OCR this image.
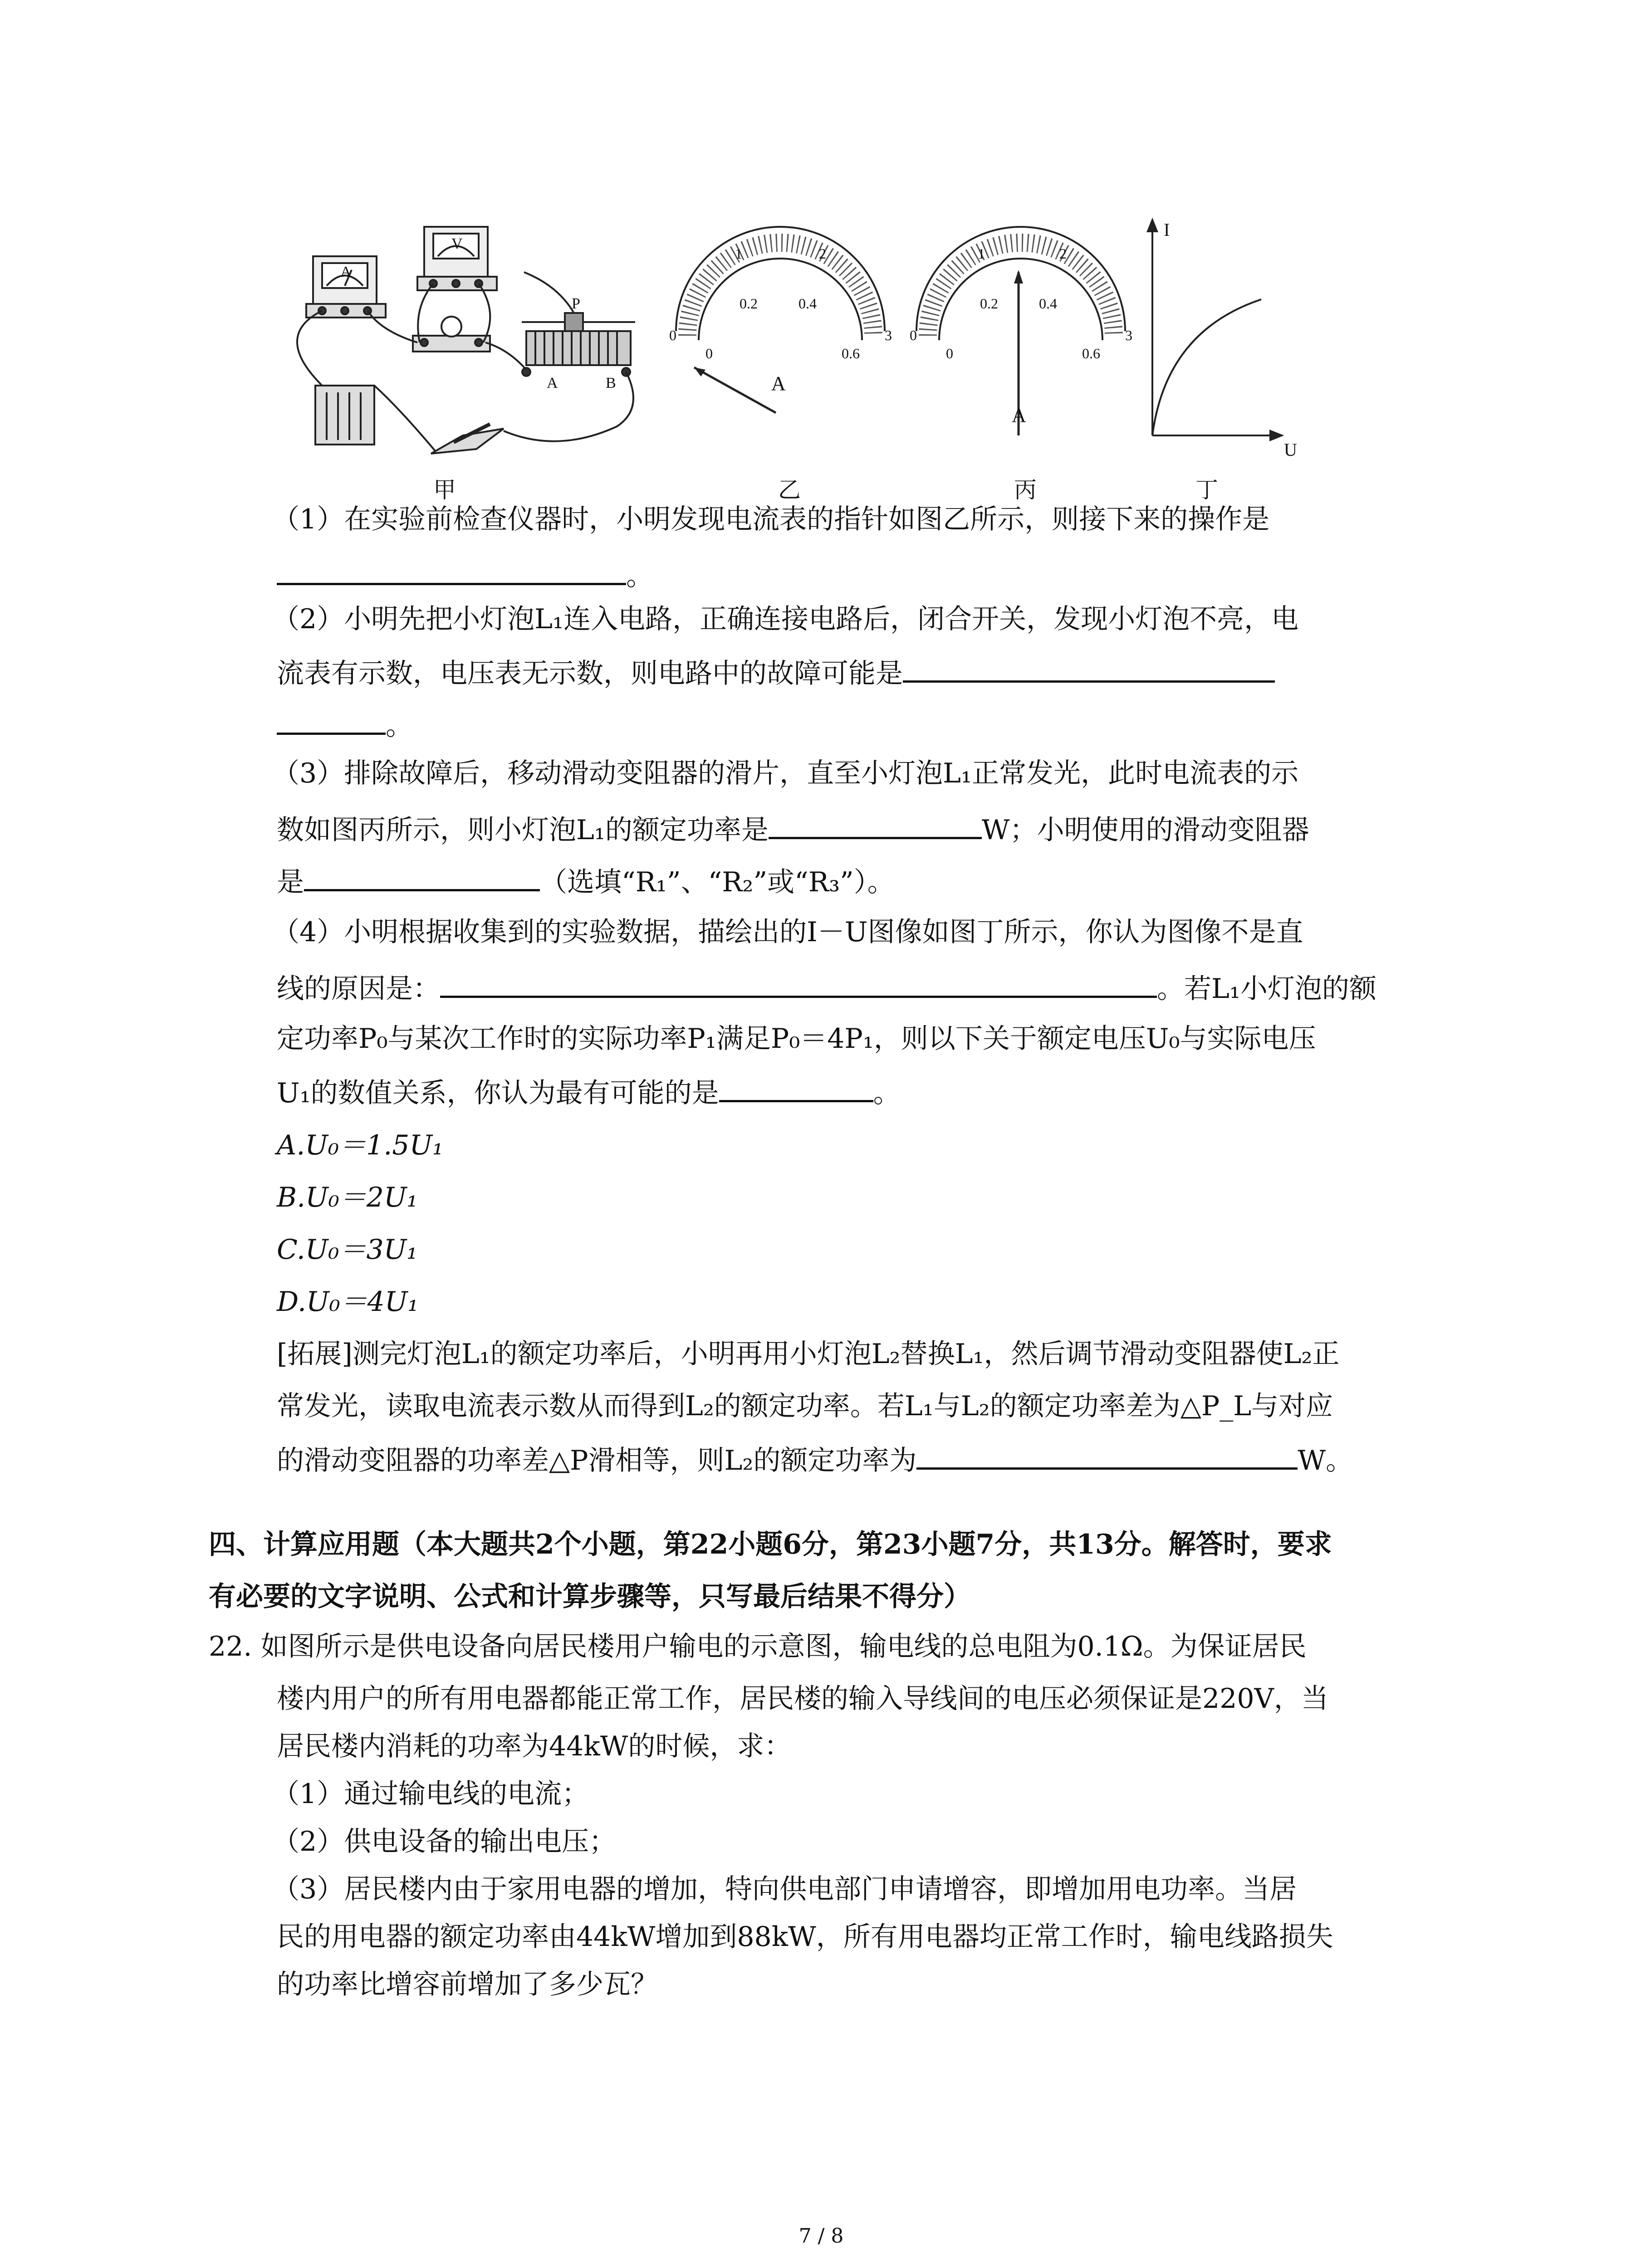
A
V
P
A	B
0
1	2
3
0
0.2	0.4
0.6
A
0
1	2
3
0
0.2	0.4
0.6
A
I
U
甲	乙	丙	丁
（1）在实验前检查仪器时，小明发现电流表的指针如图乙所示，则接下来的操作是
。
（2）小明先把小灯泡L₁连入电路，正确连接电路后，闭合开关，发现小灯泡不亮，电
流表有示数，电压表无示数，则电路中的故障可能是
。
（3）排除故障后，移动滑动变阻器的滑片，直至小灯泡L₁正常发光，此时电流表的示
数如图丙所示，则小灯泡L₁的额定功率是	W；小明使用的滑动变阻器
是	（选填“R₁”、“R₂”或“R₃”）。
（4）小明根据收集到的实验数据，描绘出的I－U图像如图丁所示，你认为图像不是直
线的原因是：	。若L₁小灯泡的额
定功率P₀与某次工作时的实际功率P₁满足P₀＝4P₁，则以下关于额定电压U₀与实际电压
U₁的数值关系，你认为最有可能的是	。
A.U₀＝1.5U₁
B.U₀＝2U₁
C.U₀＝3U₁
D.U₀＝4U₁
[拓展]测完灯泡L₁的额定功率后，小明再用小灯泡L₂替换L₁，然后调节滑动变阻器使L₂正
常发光，读取电流表示数从而得到L₂的额定功率。若L₁与L₂的额定功率差为△P_L与对应
的滑动变阻器的功率差△P滑相等，则L₂的额定功率为	W。
四、计算应用题（本大题共2个小题，第22小题6分，第23小题7分，共13分。解答时，要求
有必要的文字说明、公式和计算步骤等，只写最后结果不得分）
22. 如图所示是供电设备向居民楼用户输电的示意图，输电线的总电阻为0.1Ω。为保证居民
楼内用户的所有用电器都能正常工作，居民楼的输入导线间的电压必须保证是220V，当
居民楼内消耗的功率为44kW的时候，求：
（1）通过输电线的电流；
（2）供电设备的输出电压；
（3）居民楼内由于家用电器的增加，特向供电部门申请增容，即增加用电功率。当居
民的用电器的额定功率由44kW增加到88kW，所有用电器均正常工作时，输电线路损失
的功率比增容前增加了多少瓦？
7 / 8
